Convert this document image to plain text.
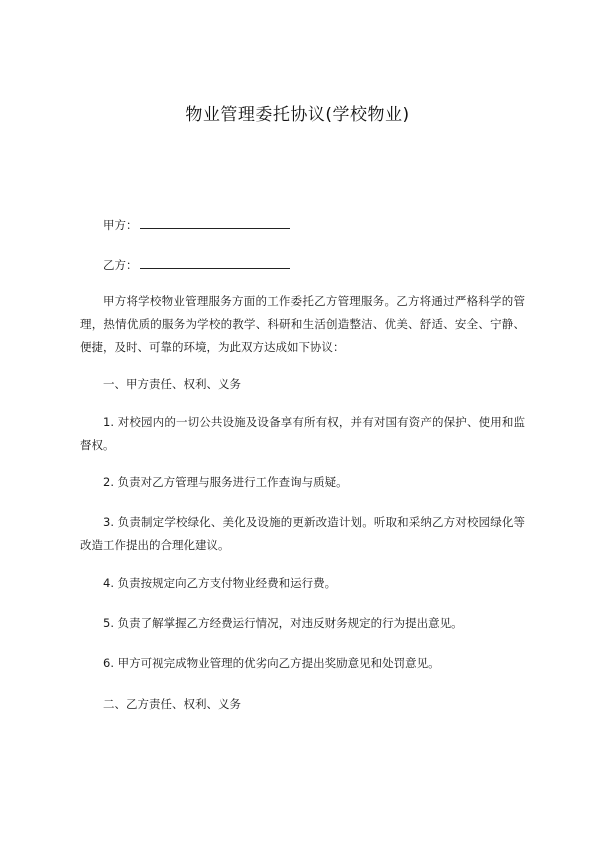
物业管理委托协议(学校物业)
甲方：
乙方：

甲方将学校物业管理服务方面的工作委托乙方管理服务。乙方将通过严格科学的管理，热情优质的服务为学校的教学、科研和生活创造整洁、优美、舒适、安全、宁静、便捷，及时、可靠的环境，为此双方达成如下协议：

一、甲方责任、权利、义务

1. 对校园内的一切公共设施及设备享有所有权，并有对国有资产的保护、使用和监督权。

2. 负责对乙方管理与服务进行工作查询与质疑。

3. 负责制定学校绿化、美化及设施的更新改造计划。听取和采纳乙方对校园绿化等改造工作提出的合理化建议。

4. 负责按规定向乙方支付物业经费和运行费。

5. 负责了解掌握乙方经费运行情况，对违反财务规定的行为提出意见。

6. 甲方可视完成物业管理的优劣向乙方提出奖励意见和处罚意见。

二、乙方责任、权利、义务
